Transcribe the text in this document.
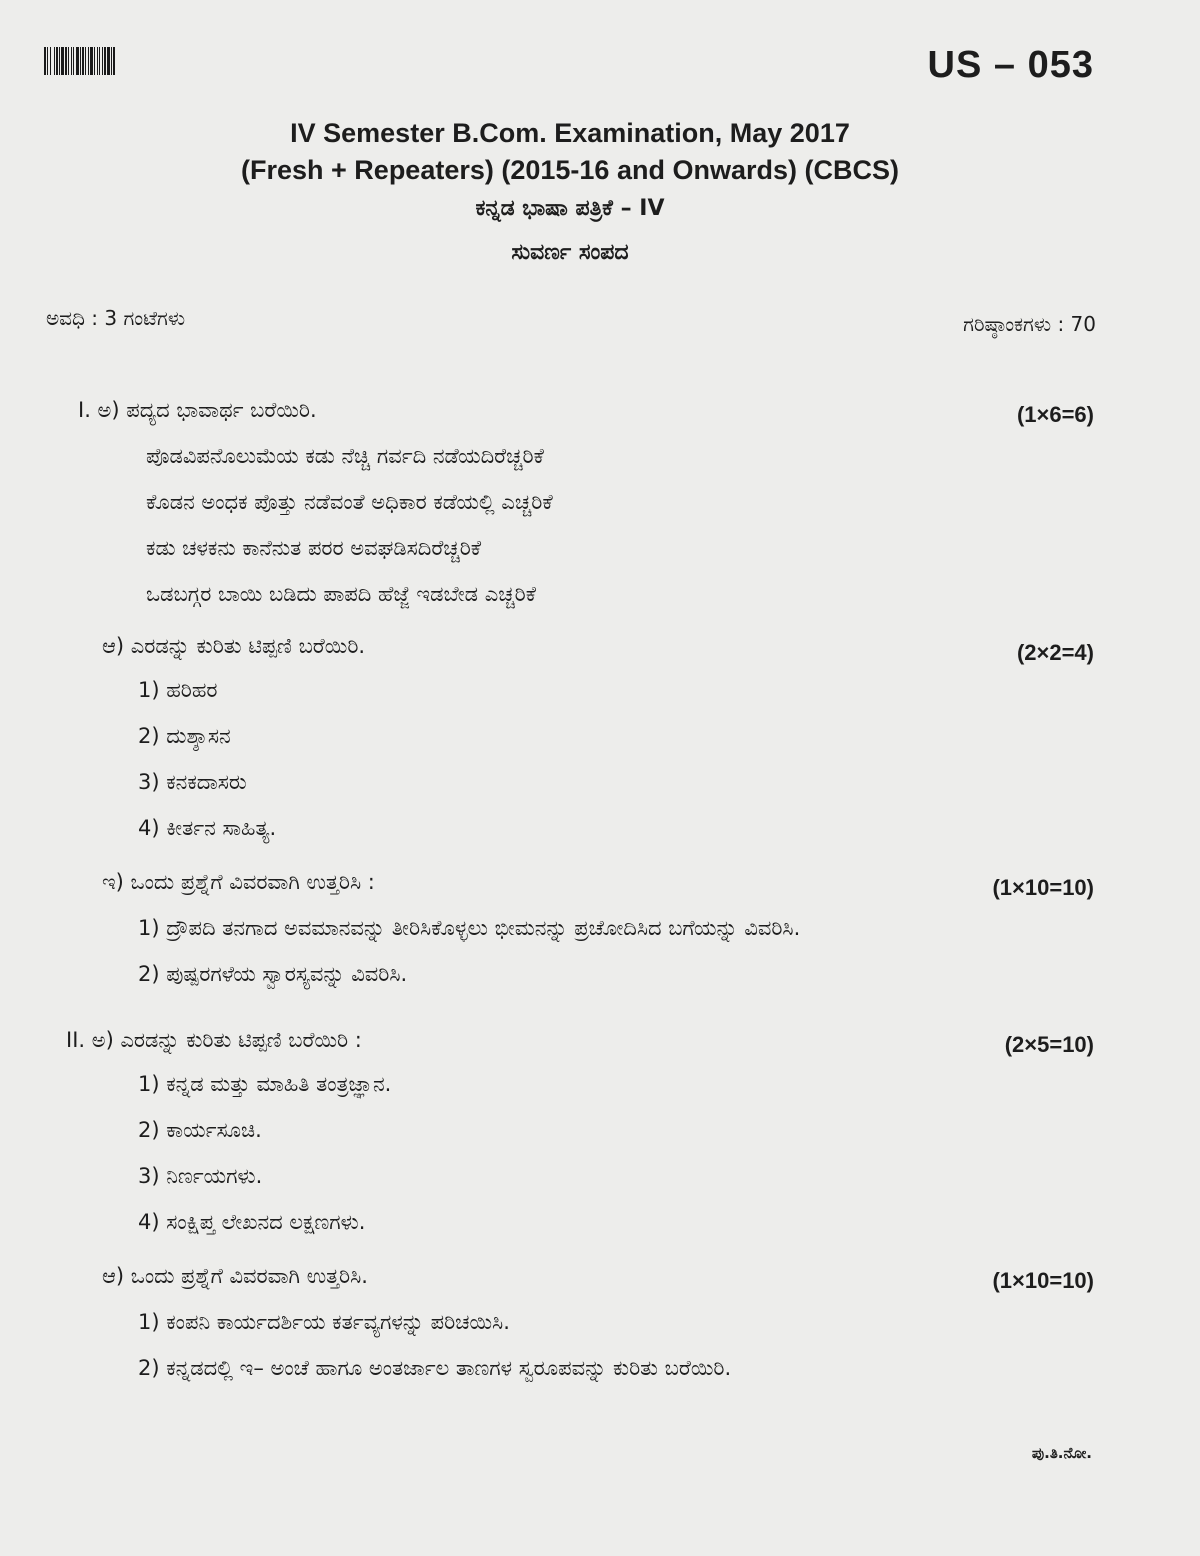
US – 053
IV Semester B.Com. Examination, May 2017
(Fresh + Repeaters) (2015-16 and Onwards) (CBCS)
ಕನ್ನಡ ಭಾಷಾ ಪತ್ರಿಕೆ – IV
ಸುವರ್ಣ ಸಂಪದ
ಅವಧಿ : 3 ಗಂಟೆಗಳು	ಗರಿಷ್ಠಾಂಕಗಳು : 70
I. ಅ) ಪದ್ಯದ ಭಾವಾರ್ಥ ಬರೆಯಿರಿ.	(1×6=6)
ಪೊಡವಿಪನೊಲುಮೆಯ ಕಡು ನೆಚ್ಚಿ ಗರ್ವದಿ ನಡೆಯದಿರೆಚ್ಚರಿಕೆ
ಕೊಡನ ಅಂಧಕ ಪೊತ್ತು ನಡೆವಂತೆ ಅಧಿಕಾರ ಕಡೆಯಲ್ಲಿ ಎಚ್ಚರಿಕೆ
ಕಡು ಚಳಕನು ಕಾನೆನುತ ಪರರ ಅವಘಡಿಸದಿರೆಚ್ಚರಿಕೆ
ಒಡಬಗ್ಗರ ಬಾಯಿ ಬಡಿದು ಪಾಪದಿ ಹೆಜ್ಜೆ ಇಡಬೇಡ ಎಚ್ಚರಿಕೆ
ಆ) ಎರಡನ್ನು ಕುರಿತು ಟಿಪ್ಪಣಿ ಬರೆಯಿರಿ.	(2×2=4)
1) ಹರಿಹರ
2) ದುಶ್ಶಾಸನ
3) ಕನಕದಾಸರು
4) ಕೀರ್ತನ ಸಾಹಿತ್ಯ.
ಇ) ಒಂದು ಪ್ರಶ್ನೆಗೆ ವಿವರವಾಗಿ ಉತ್ತರಿಸಿ :	(1×10=10)
1) ದ್ರೌಪದಿ ತನಗಾದ ಅವಮಾನವನ್ನು ತೀರಿಸಿಕೊಳ್ಳಲು ಭೀಮನನ್ನು ಪ್ರಚೋದಿಸಿದ ಬಗೆಯನ್ನು ವಿವರಿಸಿ.
2) ಪುಷ್ಪರಗಳೆಯ ಸ್ವಾರಸ್ಯವನ್ನು ವಿವರಿಸಿ.
II. ಅ) ಎರಡನ್ನು ಕುರಿತು ಟಿಪ್ಪಣಿ ಬರೆಯಿರಿ :	(2×5=10)
1) ಕನ್ನಡ ಮತ್ತು ಮಾಹಿತಿ ತಂತ್ರಜ್ಞಾನ.
2) ಕಾರ್ಯಸೂಚಿ.
3) ನಿರ್ಣಯಗಳು.
4) ಸಂಕ್ಷಿಪ್ತ ಲೇಖನದ ಲಕ್ಷಣಗಳು.
ಆ) ಒಂದು ಪ್ರಶ್ನೆಗೆ ವಿವರವಾಗಿ ಉತ್ತರಿಸಿ.	(1×10=10)
1) ಕಂಪನಿ ಕಾರ್ಯದರ್ಶಿಯ ಕರ್ತವ್ಯಗಳನ್ನು ಪರಿಚಯಿಸಿ.
2) ಕನ್ನಡದಲ್ಲಿ ಇ– ಅಂಚೆ ಹಾಗೂ ಅಂತರ್ಜಾಲ ತಾಣಗಳ ಸ್ವರೂಪವನ್ನು ಕುರಿತು ಬರೆಯಿರಿ.
ಪು.ತಿ.ನೋ.
